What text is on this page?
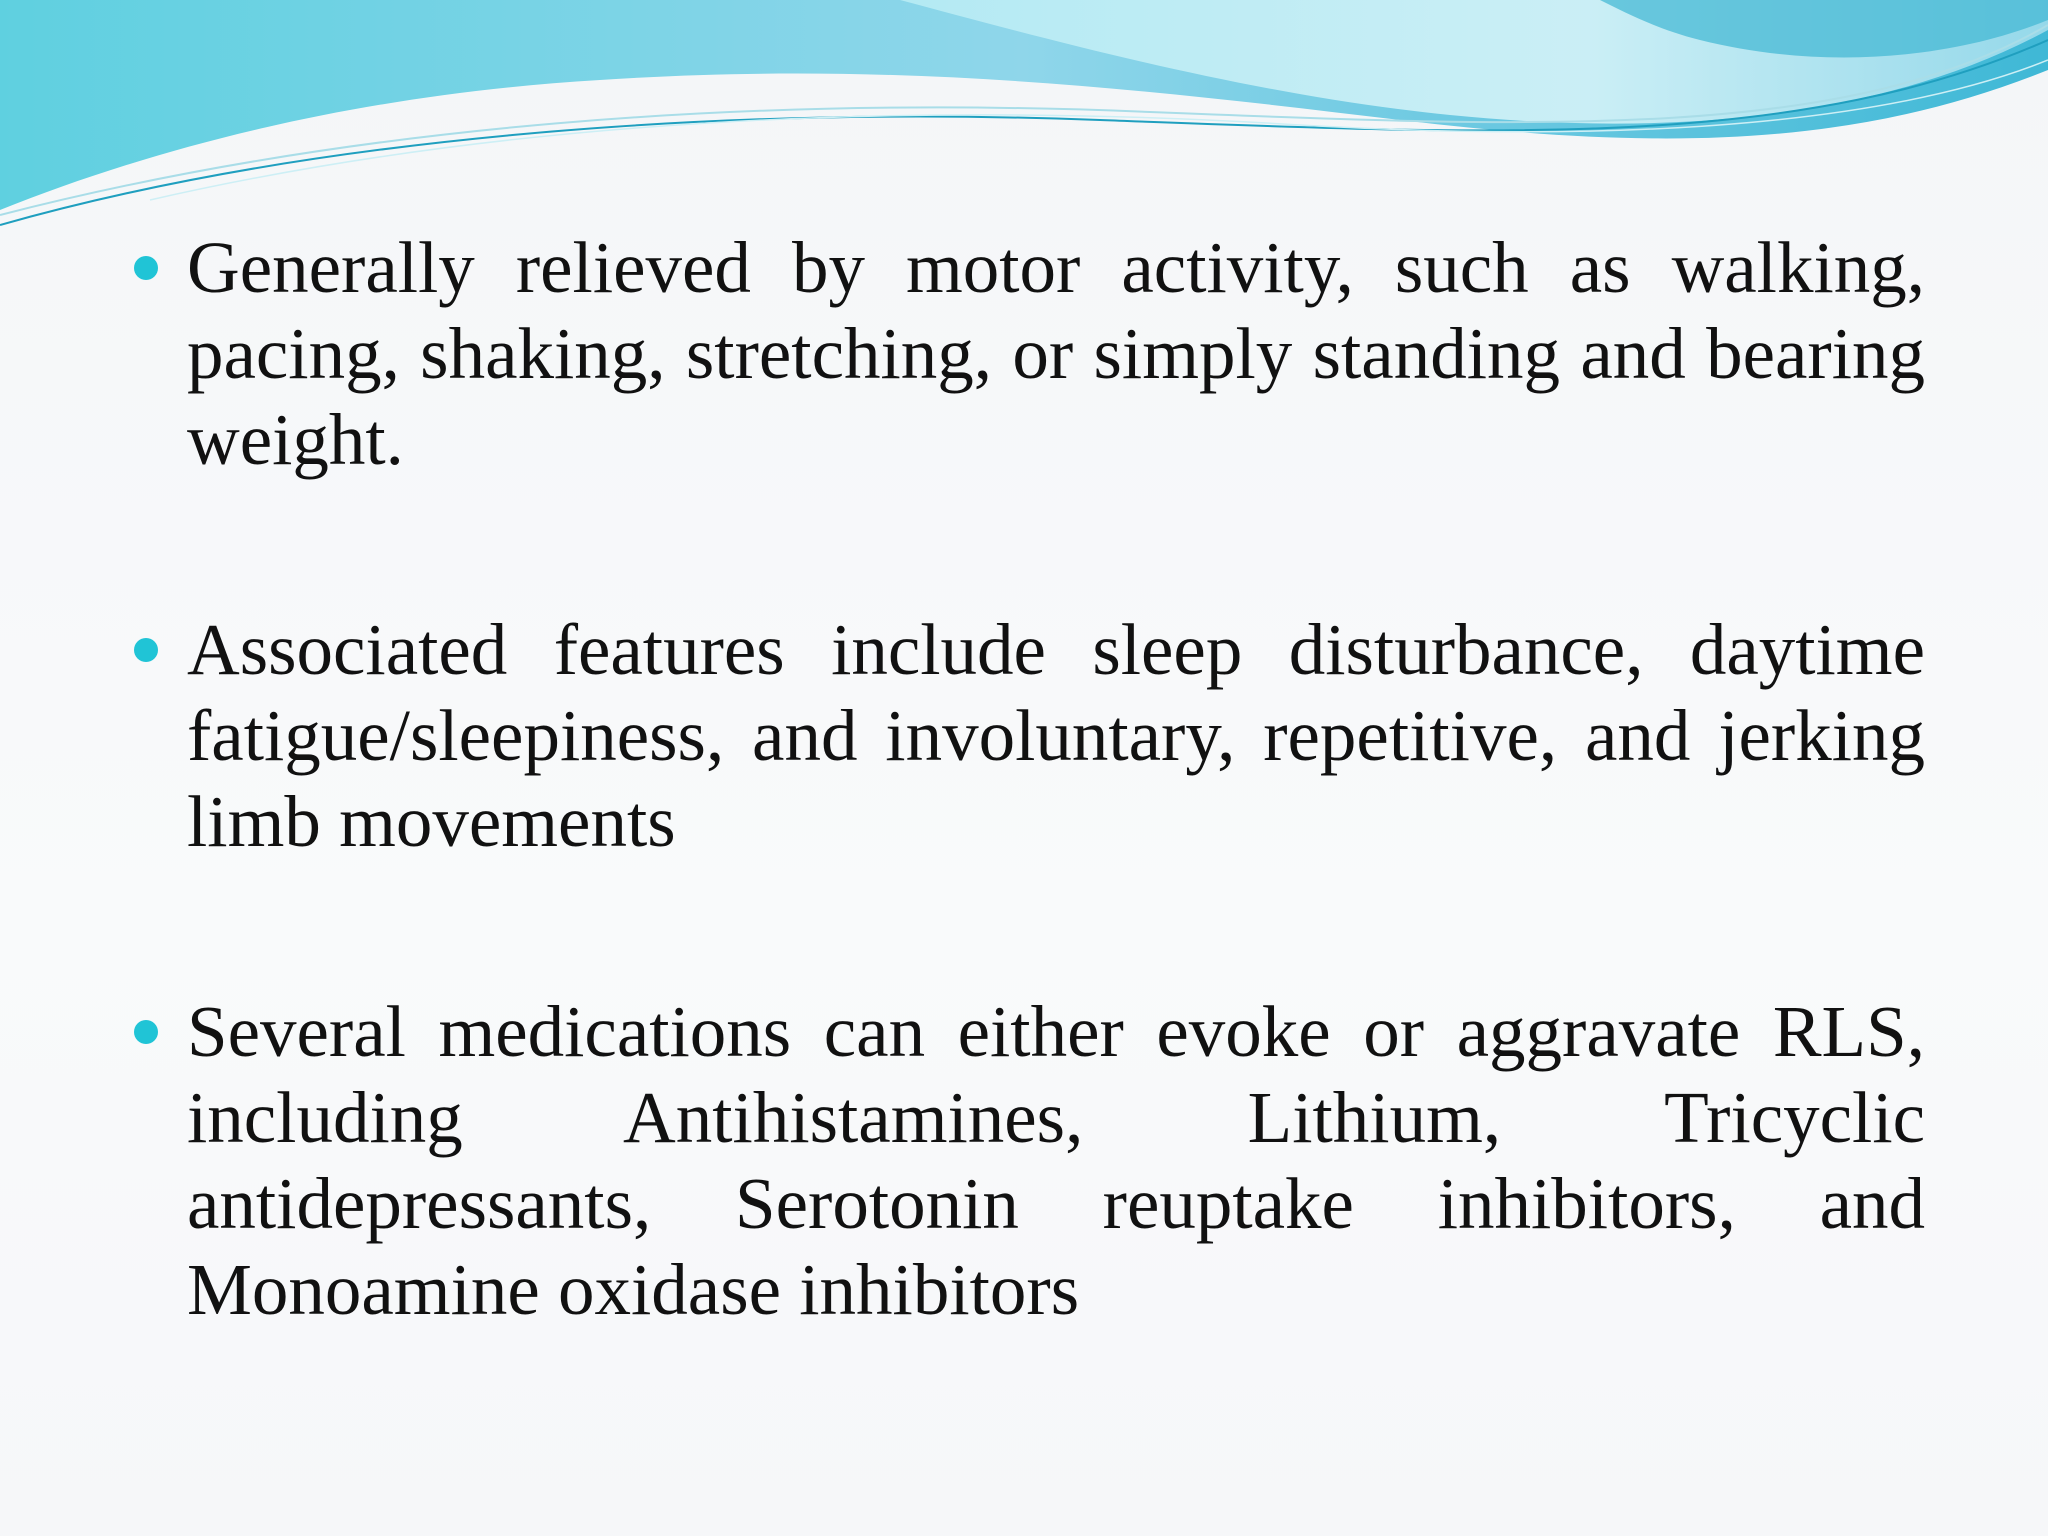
Generally relieved by motor activity, such as walking, pacing, shaking, stretching, or simply standing and bearing weight.

Associated features include sleep disturbance, daytime fatigue/sleepiness, and involuntary, repetitive, and jerking limb movements

Several medications can either evoke or aggravate RLS, including Antihistamines, Lithium, Tricyclic antidepressants, Serotonin reuptake inhibitors, and Monoamine oxidase inhibitors
